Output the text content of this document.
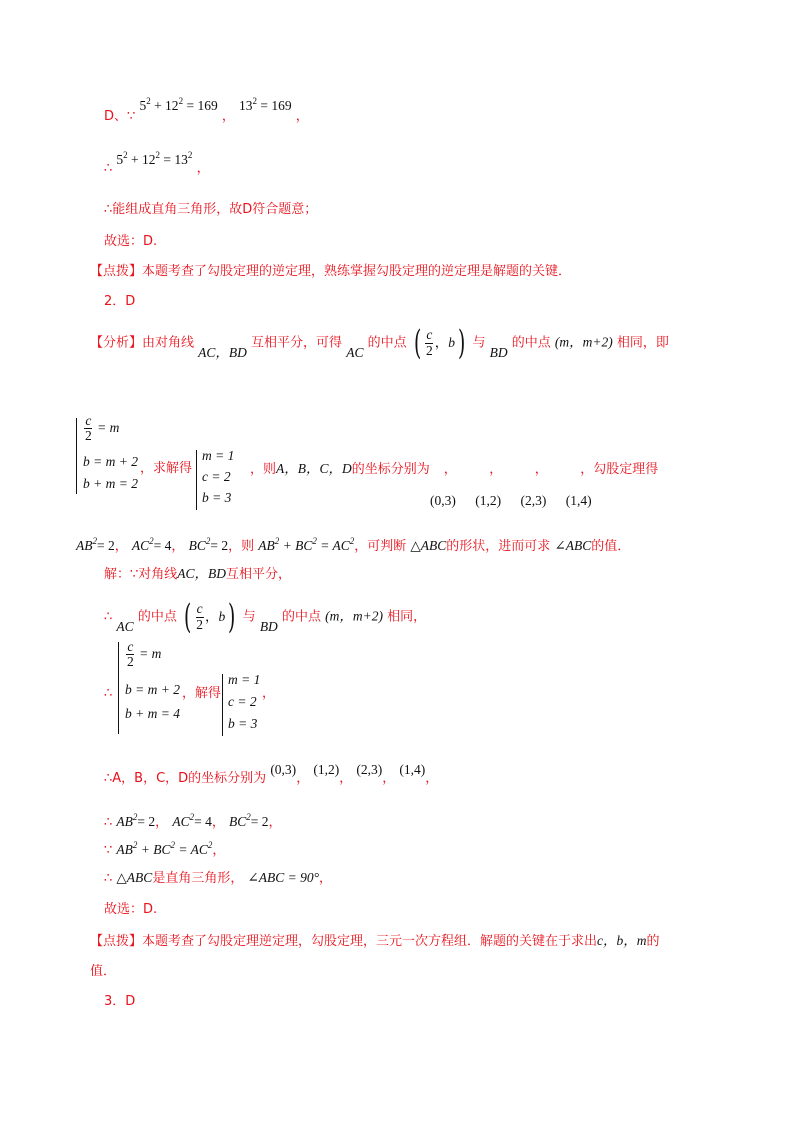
D、∵ $5^2 + 12^2 = 169$ ， $13^2 = 169$ ，
∴ $5^2 + 12^2 = 13^2$ ，
∴能组成直角三角形，故D符合题意；
故选：D.
【点拨】本题考查了勾股定理的逆定理，熟练掌握勾股定理的逆定理是解题的关键．
2．D
【分析】由对角线 AC，BD 互相平分，可得 AC 的中点 ( $\frac{c}{2}$ ， b ) 与 BD 的中点 (m，m+2) 相同，即
$\frac{c}{2} = m$
b = m + 2
b + m = 2
，求解得
m = 1
c = 2
b = 3
，则A，B，C，D的坐标分别为 ，　　　，　　　，　　　，勾股定理得
(0,3) (1,2) (2,3) (1,4)
$AB^2= 2$， $AC^2= 4$， $BC^2= 2$，则 $AB^2 + BC^2 = AC^2$，可判断 △ABC的形状，进而可求 ∠ABC的值．
解：∵对角线AC，BD互相平分，
∴ AC 的中点 ( $\frac{c}{2}$ ， b ) 与 BD 的中点 (m，m+2) 相同，
∴
$\frac{c}{2} = m$
b = m + 2
b + m = 4
，解得
m = 1
c = 2
b = 3
，
∴A，B，C，D的坐标分别为 (0,3)， (1,2)， (2,3)， (1,4)，
∴ $AB^2= 2$， $AC^2= 4$， $BC^2= 2$，
∵ $AB^2 + BC^2 = AC^2$，
∴ △ABC是直角三角形， ∠ABC = 90°，
故选：D.
【点拨】本题考查了勾股定理逆定理，勾股定理，三元一次方程组．解题的关键在于求出c，b，m的
值．
3．D
